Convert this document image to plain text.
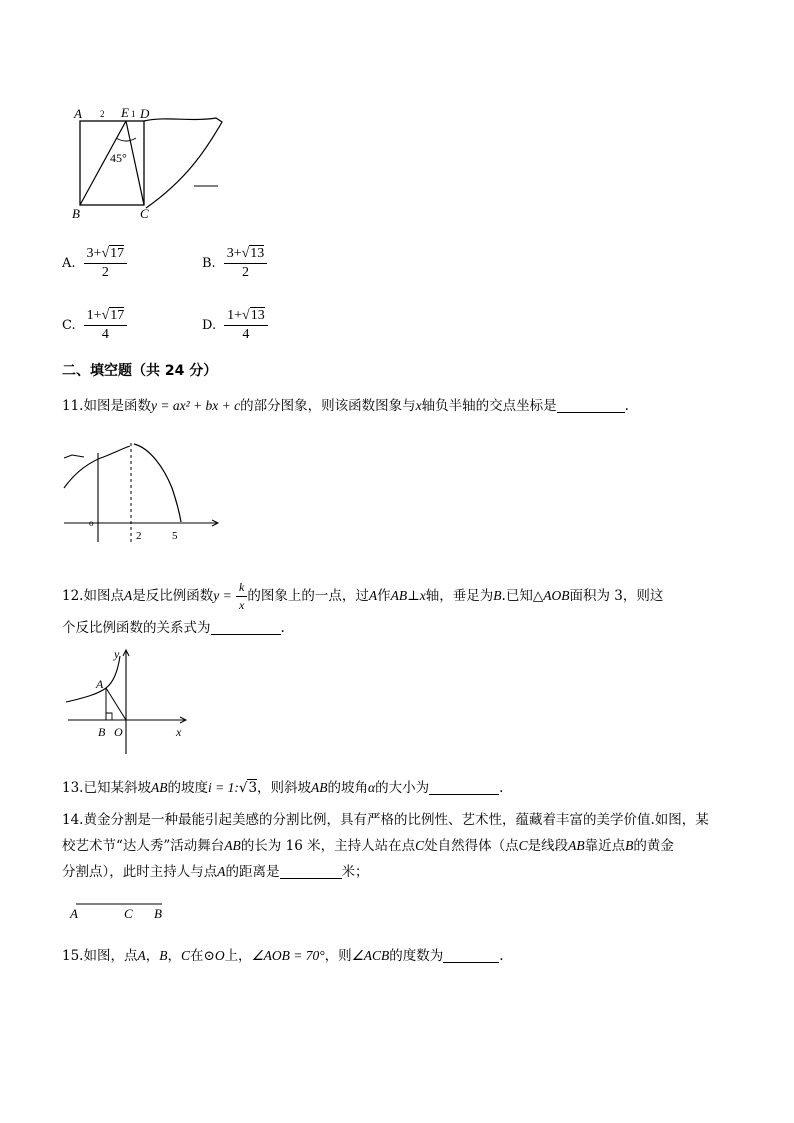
A 2 E 1 D
B	C
45°
A. $\frac{3+√17}{2}$	B. $\frac{3+√13}{2}$
C. $\frac{1+√17}{4}$	D. $\frac{1+√13}{4}$
二、填空题（共 24 分）
11.如图是函数y = ax² + bx + c的部分图象，则该函数图象与x轴负半轴的交点坐标是	.
o
2	5
12.如图点A是反比例函数$y = \frac{k}{x}$ 的图象上的一点，过A作AB⊥x轴，垂足为B.已知△AOB面积为 3，则这
个反比例函数的关系式为	.
y
A
B O	x
13.已知某斜坡AB的坡度i = 1:√3，则斜坡AB的坡角α的大小为	.
14.黄金分割是一种最能引起美感的分割比例，具有严格的比例性、艺术性，蕴藏着丰富的美学价值.如图，某
校艺术节“达人秀”活动舞台AB的长为 16 米，主持人站在点C处自然得体（点C是线段AB靠近点B的黄金
分割点），此时主持人与点A的距离是	米；
A	C B
15.如图，点A，B，C在⊙O上，∠AOB = 70°，则∠ACB的度数为	.
